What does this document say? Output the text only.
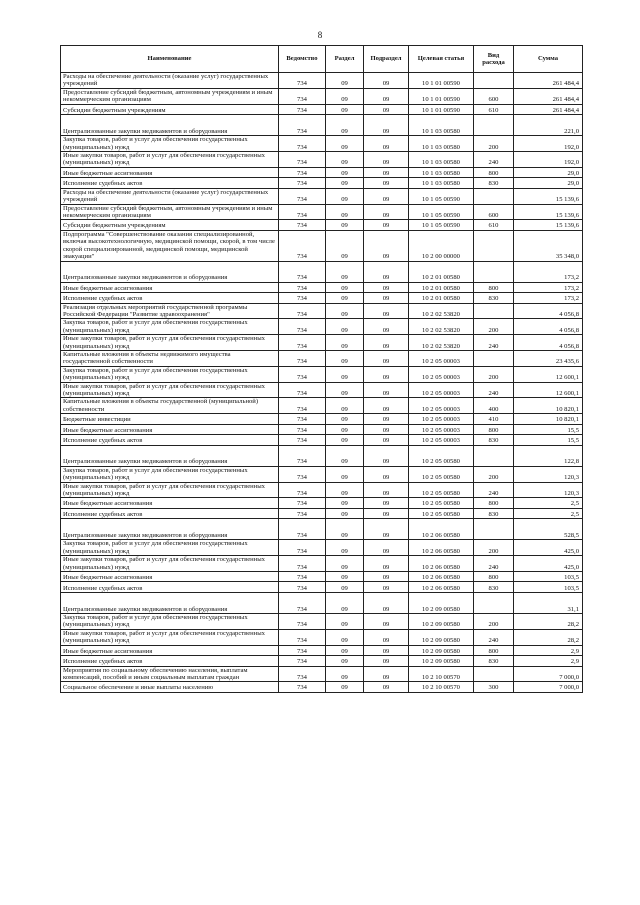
8
Наименование	Ведомство	Раздел	Подраздел	Целевая статья	Вид расхода	Сумма
Расходы на обеспечение деятельности (оказание услуг) государственных учреждений	734	09	09	10 1 01 00590		261 484,4
Предоставление субсидий бюджетным, автономным учреждениям и иным некоммерческим организациям	734	09	09	10 1 01 00590	600	261 484,4
Субсидии бюджетным учреждениям	734	09	09	10 1 01 00590	610	261 484,4
Централизованные закупки медикаментов и оборудования	734	09	09	10 1 03 00580		221,0
Закупка товаров, работ и услуг для обеспечения государственных (муниципальных) нужд	734	09	09	10 1 03 00580	200	192,0
Иные закупки товаров, работ и услуг для обеспечения государственных (муниципальных) нужд	734	09	09	10 1 03 00580	240	192,0
Иные бюджетные ассигнования	734	09	09	10 1 03 00580	800	29,0
Исполнение судебных актов	734	09	09	10 1 03 00580	830	29,0
Расходы на обеспечение деятельности (оказание услуг) государственных учреждений	734	09	09	10 1 05 00590		15 139,6
Предоставление субсидий бюджетным, автономным учреждениям и иным некоммерческим организациям	734	09	09	10 1 05 00590	600	15 139,6
Субсидии бюджетным учреждениям	734	09	09	10 1 05 00590	610	15 139,6
Подпрограмма "Совершенствование оказания специализированной, включая высокотехнологичную, медицинской помощи, скорой, в том числе скорой специализированной, медицинской помощи, медицинской эвакуации"	734	09	09	10 2 00 00000		35 348,0
Централизованные закупки медикаментов и оборудования	734	09	09	10 2 01 00580		173,2
Иные бюджетные ассигнования	734	09	09	10 2 01 00580	800	173,2
Исполнение судебных актов	734	09	09	10 2 01 00580	830	173,2
Реализация отдельных мероприятий государственной программы Российской Федерации "Развитие здравоохранения"	734	09	09	10 2 02 53820		4 056,8
Закупка товаров, работ и услуг для обеспечения государственных (муниципальных) нужд	734	09	09	10 2 02 53820	200	4 056,8
Иные закупки товаров, работ и услуг для обеспечения государственных (муниципальных) нужд	734	09	09	10 2 02 53820	240	4 056,8
Капитальные вложения в объекты недвижимого имущества государственной собственности	734	09	09	10 2 05 00003		23 435,6
Закупка товаров, работ и услуг для обеспечения государственных (муниципальных) нужд	734	09	09	10 2 05 00003	200	12 600,1
Иные закупки товаров, работ и услуг для обеспечения государственных (муниципальных) нужд	734	09	09	10 2 05 00003	240	12 600,1
Капитальные вложения в объекты государственной (муниципальной) собственности	734	09	09	10 2 05 00003	400	10 820,1
Бюджетные инвестиции	734	09	09	10 2 05 00003	410	10 820,1
Иные бюджетные ассигнования	734	09	09	10 2 05 00003	800	15,5
Исполнение судебных актов	734	09	09	10 2 05 00003	830	15,5
Централизованные закупки медикаментов и оборудования	734	09	09	10 2 05 00580		122,8
Закупка товаров, работ и услуг для обеспечения государственных (муниципальных) нужд	734	09	09	10 2 05 00580	200	120,3
Иные закупки товаров, работ и услуг для обеспечения государственных (муниципальных) нужд	734	09	09	10 2 05 00580	240	120,3
Иные бюджетные ассигнования	734	09	09	10 2 05 00580	800	2,5
Исполнение судебных актов	734	09	09	10 2 05 00580	830	2,5
Централизованные закупки медикаментов и оборудования	734	09	09	10 2 06 00580		528,5
Закупка товаров, работ и услуг для обеспечения государственных (муниципальных) нужд	734	09	09	10 2 06 00580	200	425,0
Иные закупки товаров, работ и услуг для обеспечения государственных (муниципальных) нужд	734	09	09	10 2 06 00580	240	425,0
Иные бюджетные ассигнования	734	09	09	10 2 06 00580	800	103,5
Исполнение судебных актов	734	09	09	10 2 06 00580	830	103,5
Централизованные закупки медикаментов и оборудования	734	09	09	10 2 09 00580		31,1
Закупка товаров, работ и услуг для обеспечения государственных (муниципальных) нужд	734	09	09	10 2 09 00580	200	28,2
Иные закупки товаров, работ и услуг для обеспечения государственных (муниципальных) нужд	734	09	09	10 2 09 00580	240	28,2
Иные бюджетные ассигнования	734	09	09	10 2 09 00580	800	2,9
Исполнение судебных актов	734	09	09	10 2 09 00580	830	2,9
Мероприятия по социальному обеспечению населения, выплатам компенсаций, пособий и иным социальным выплатам граждан	734	09	09	10 2 10 00570		7 000,0
Социальное обеспечение и иные выплаты населению	734	09	09	10 2 10 00570	300	7 000,0
